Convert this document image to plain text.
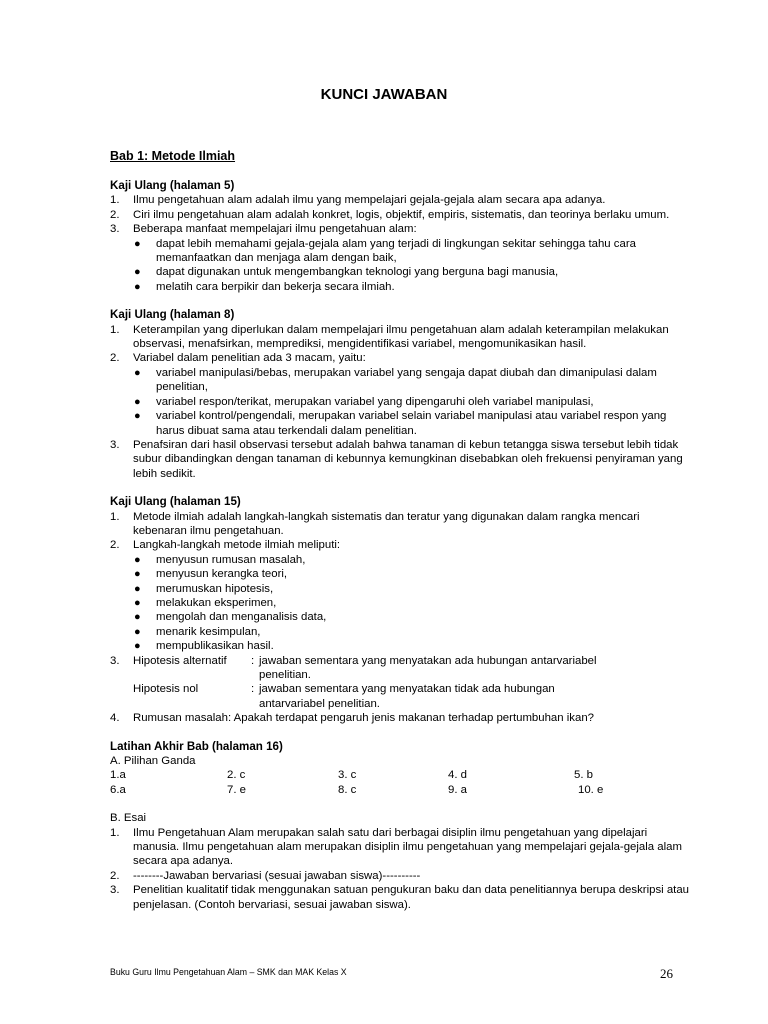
KUNCI JAWABAN
Bab 1: Metode Ilmiah
Kaji Ulang (halaman 5)
1. Ilmu pengetahuan alam adalah ilmu yang mempelajari gejala-gejala alam secara apa adanya.
2. Ciri ilmu pengetahuan alam adalah konkret, logis, objektif, empiris, sistematis, dan teorinya berlaku umum.
3. Beberapa manfaat mempelajari ilmu pengetahuan alam:
● dapat lebih memahami gejala-gejala alam yang terjadi di lingkungan sekitar sehingga tahu cara memanfaatkan dan menjaga alam dengan baik,
● dapat digunakan untuk mengembangkan teknologi yang berguna bagi manusia,
● melatih cara berpikir dan bekerja secara ilmiah.
Kaji Ulang (halaman 8)
1. Keterampilan yang diperlukan dalam mempelajari ilmu pengetahuan alam adalah keterampilan melakukan observasi, menafsirkan, memprediksi, mengidentifikasi variabel, mengomunikasikan hasil.
2. Variabel dalam penelitian ada 3 macam, yaitu:
● variabel manipulasi/bebas, merupakan variabel yang sengaja dapat diubah dan dimanipulasi dalam penelitian,
● variabel respon/terikat, merupakan variabel yang dipengaruhi oleh variabel manipulasi,
● variabel kontrol/pengendali, merupakan variabel selain variabel manipulasi atau variabel respon yang harus dibuat sama atau terkendali dalam penelitian.
3. Penafsiran dari hasil observasi tersebut adalah bahwa tanaman di kebun tetangga siswa tersebut lebih tidak subur dibandingkan dengan tanaman di kebunnya kemungkinan disebabkan oleh frekuensi penyiraman yang lebih sedikit.
Kaji Ulang (halaman 15)
1. Metode ilmiah adalah langkah-langkah sistematis dan teratur yang digunakan dalam rangka mencari kebenaran ilmu pengetahuan.
2. Langkah-langkah metode ilmiah meliputi:
● menyusun rumusan masalah,
● menyusun kerangka teori,
● merumuskan hipotesis,
● melakukan eksperimen,
● mengolah dan menganalisis data,
● menarik kesimpulan,
● mempublikasikan hasil.
3. Hipotesis alternatif	: jawaban sementara yang menyatakan ada hubungan antarvariabel
penelitian.
Hipotesis nol	: jawaban sementara yang menyatakan tidak ada hubungan
antarvariabel penelitian.
4. Rumusan masalah: Apakah terdapat pengaruh jenis makanan terhadap pertumbuhan ikan?
Latihan Akhir Bab (halaman 16)
A. Pilihan Ganda
1.a	2. c	3. c	4. d	5. b
6.a	7. e	8. c	9. a	10. e
B. Esai
1. Ilmu Pengetahuan Alam merupakan salah satu dari berbagai disiplin ilmu pengetahuan yang dipelajari manusia. Ilmu pengetahuan alam merupakan disiplin ilmu pengetahuan yang mempelajari gejala-gejala alam secara apa adanya.
2. --------Jawaban bervariasi (sesuai jawaban siswa)----------
3. Penelitian kualitatif tidak menggunakan satuan pengukuran baku dan data penelitiannya berupa deskripsi atau penjelasan. (Contoh bervariasi, sesuai jawaban siswa).
Buku Guru Ilmu Pengetahuan Alam – SMK dan MAK Kelas X	26
